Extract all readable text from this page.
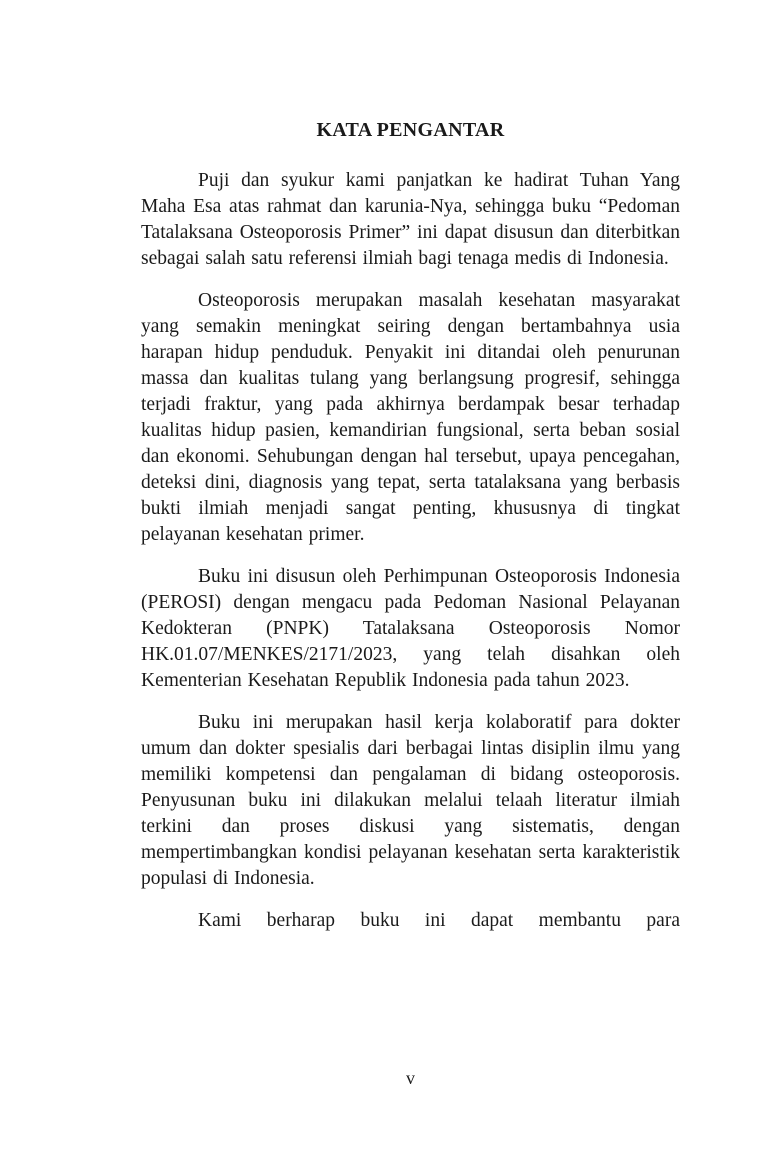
KATA PENGANTAR

Puji dan syukur kami panjatkan ke hadirat Tuhan Yang Maha Esa atas rahmat dan karunia-Nya, sehingga buku “Pedoman Tatalaksana Osteoporosis Primer” ini dapat disusun dan diterbitkan sebagai salah satu referensi ilmiah bagi tenaga medis di Indonesia.

Osteoporosis merupakan masalah kesehatan masyarakat yang semakin meningkat seiring dengan bertambahnya usia harapan hidup penduduk. Penyakit ini ditandai oleh penurunan massa dan kualitas tulang yang berlangsung progresif, sehingga terjadi fraktur, yang pada akhirnya berdampak besar terhadap kualitas hidup pasien, kemandirian fungsional, serta beban sosial dan ekonomi. Sehubungan dengan hal tersebut, upaya pencegahan, deteksi dini, diagnosis yang tepat, serta tatalaksana yang berbasis bukti ilmiah menjadi sangat penting, khususnya di tingkat pelayanan kesehatan primer.

Buku ini disusun oleh Perhimpunan Osteoporosis Indonesia (PEROSI) dengan mengacu pada Pedoman Nasional Pelayanan Kedokteran (PNPK) Tatalaksana Osteoporosis Nomor HK.01.07/MENKES/2171/2023, yang telah disahkan oleh Kementerian Kesehatan Republik Indonesia pada tahun 2023.

Buku ini merupakan hasil kerja kolaboratif para dokter umum dan dokter spesialis dari berbagai lintas disiplin ilmu yang memiliki kompetensi dan pengalaman di bidang osteoporosis. Penyusunan buku ini dilakukan melalui telaah literatur ilmiah terkini dan proses diskusi yang sistematis, dengan mempertimbangkan kondisi pelayanan kesehatan serta karakteristik populasi di Indonesia.

Kami berharap buku ini dapat membantu para

v
